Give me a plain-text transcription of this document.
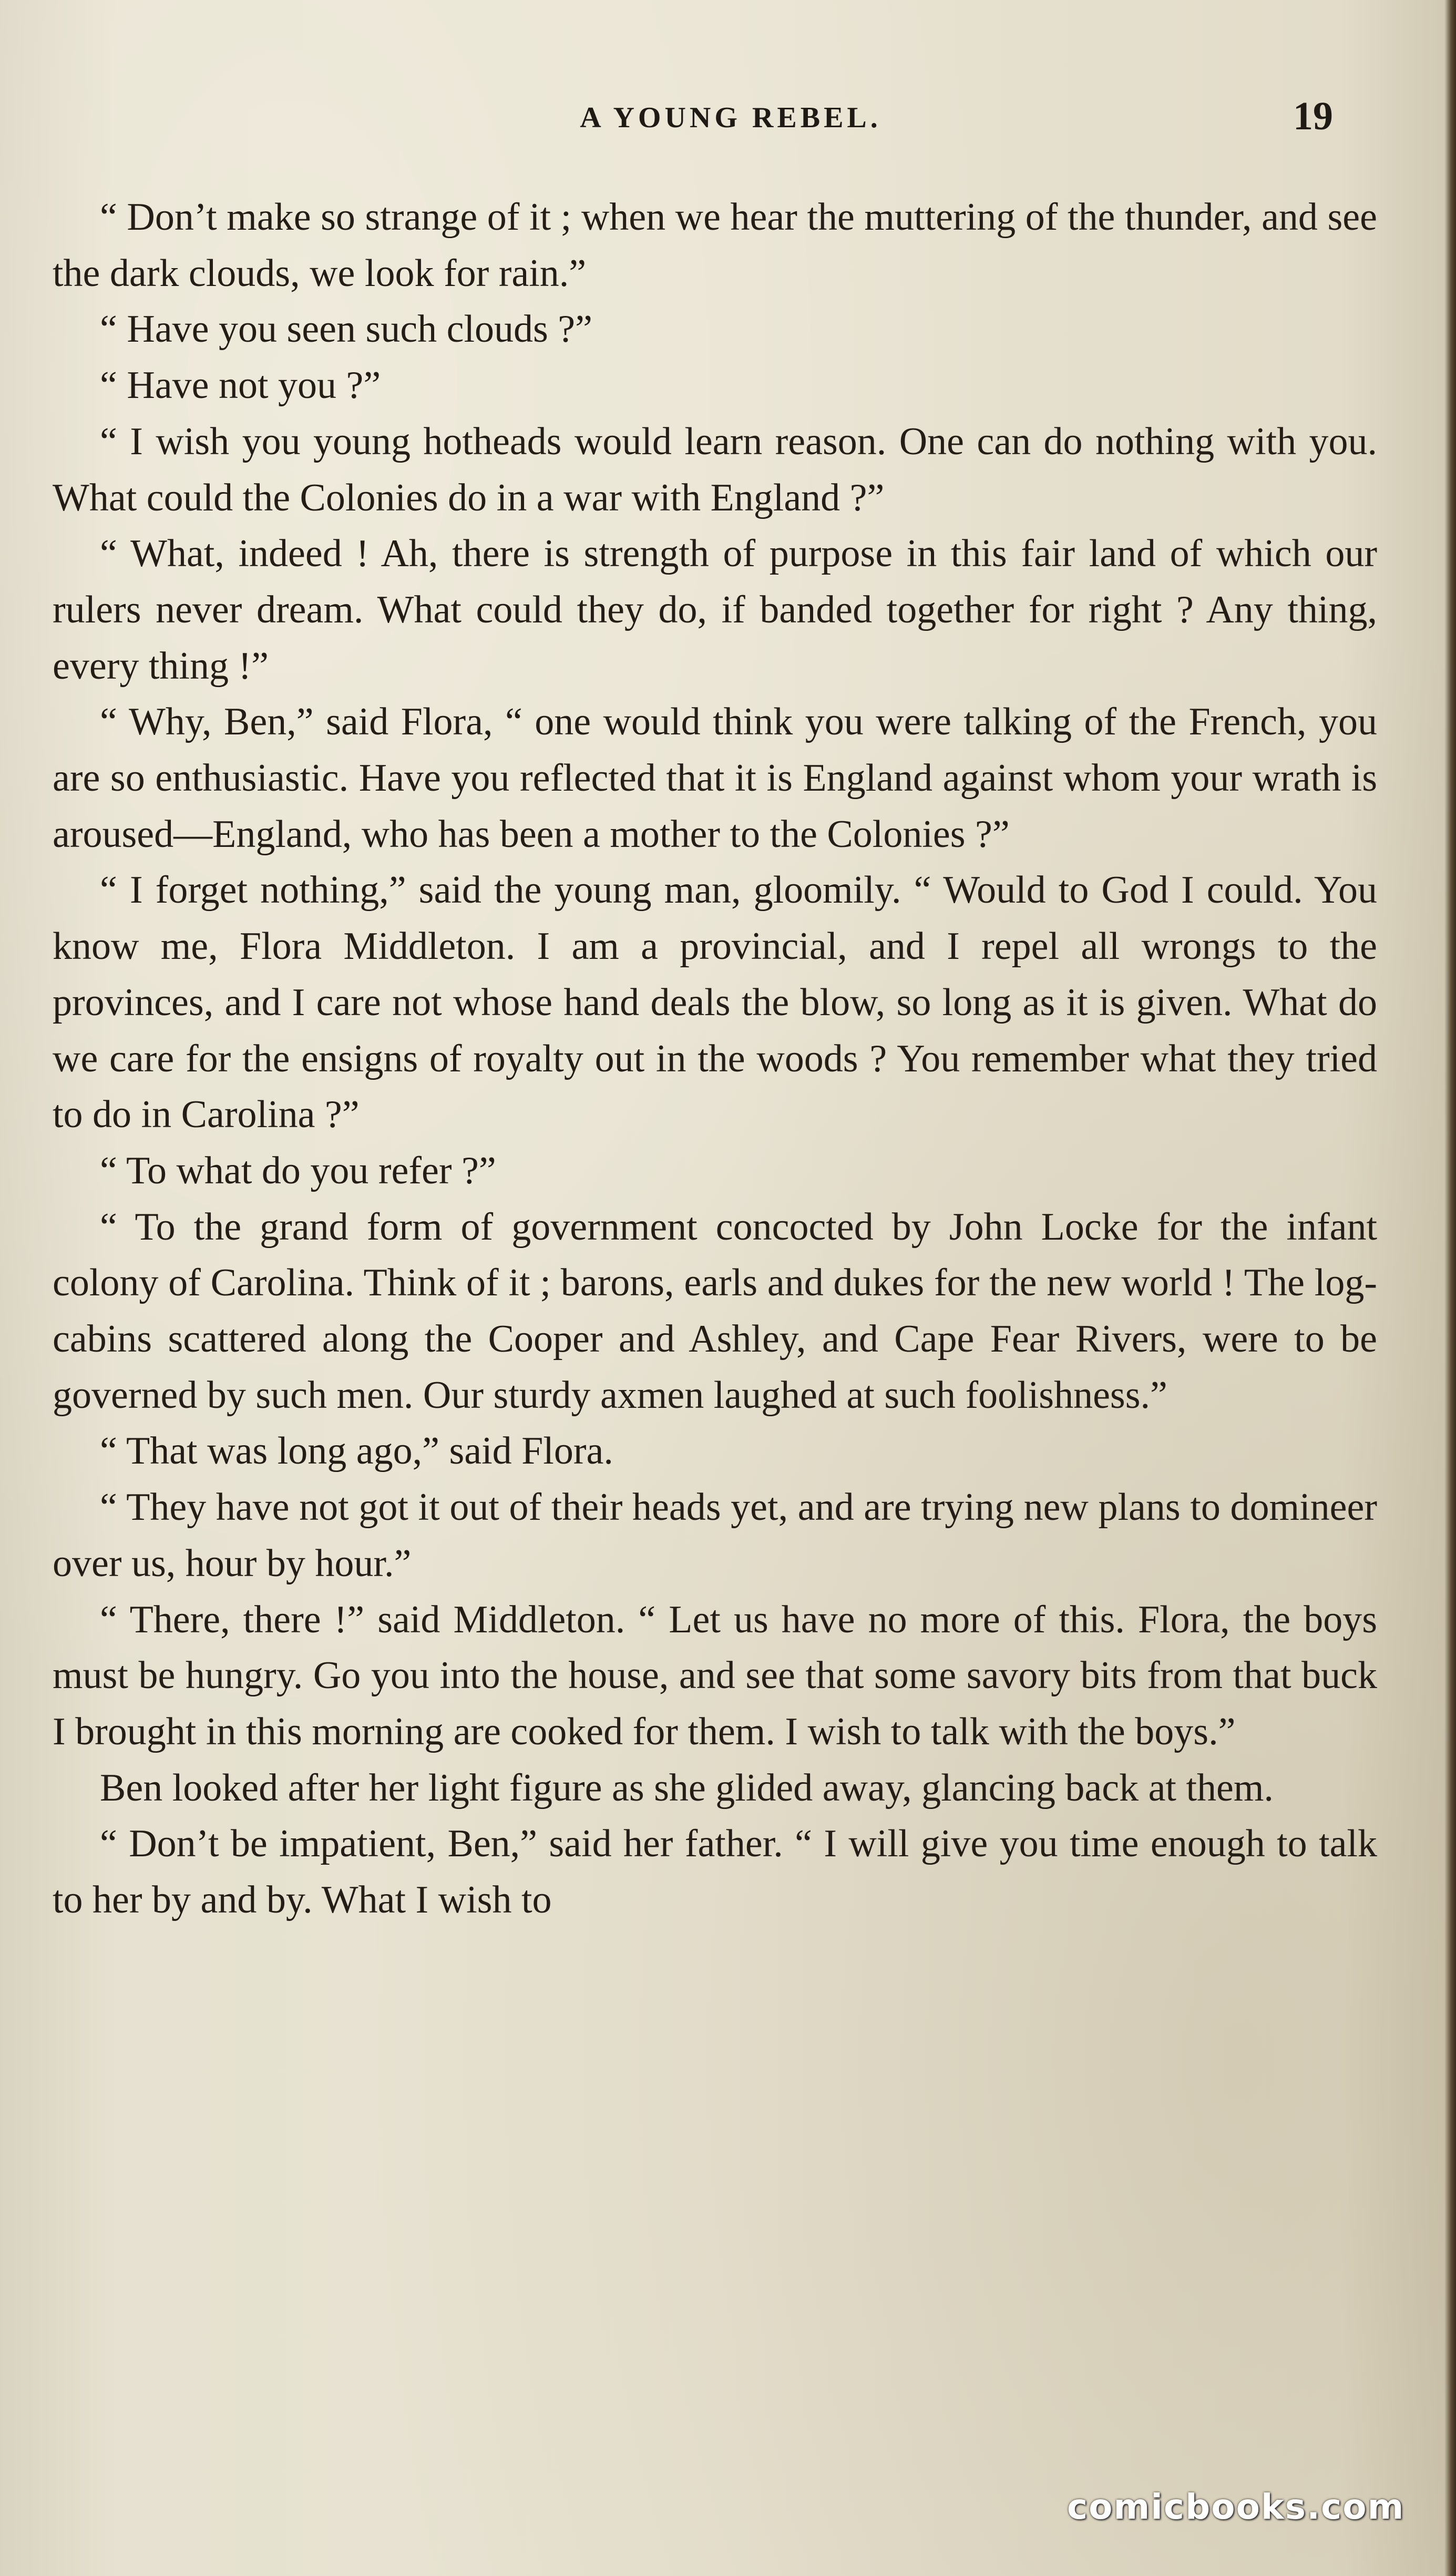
A YOUNG REBEL.	19

“ Don’t make so strange of it ; when we hear the muttering of the thunder, and see the dark clouds, we look for rain.”

“ Have you seen such clouds ?”

“ Have not you ?”

“ I wish you young hotheads would learn reason. One can do nothing with you. What could the Colonies do in a war with England ?”

“ What, indeed ! Ah, there is strength of purpose in this fair land of which our rulers never dream. What could they do, if banded together for right ? Any thing, every thing !”

“ Why, Ben,” said Flora, “ one would think you were talking of the French, you are so enthusiastic. Have you reflected that it is England against whom your wrath is aroused—England, who has been a mother to the Colonies ?”

“ I forget nothing,” said the young man, gloomily. “ Would to God I could. You know me, Flora Middleton. I am a provincial, and I repel all wrongs to the provinces, and I care not whose hand deals the blow, so long as it is given. What do we care for the ensigns of royalty out in the woods ? You remember what they tried to do in Carolina ?”

“ To what do you refer ?”

“ To the grand form of government concocted by John Locke for the infant colony of Carolina. Think of it ; barons, earls and dukes for the new world ! The log-cabins scattered along the Cooper and Ashley, and Cape Fear Rivers, were to be governed by such men. Our sturdy axmen laughed at such foolishness.”

“ That was long ago,” said Flora.

“ They have not got it out of their heads yet, and are trying new plans to domineer over us, hour by hour.”

“ There, there !” said Middleton. “ Let us have no more of this. Flora, the boys must be hungry. Go you into the house, and see that some savory bits from that buck I brought in this morning are cooked for them. I wish to talk with the boys.”

Ben looked after her light figure as she glided away, glancing back at them.

“ Don’t be impatient, Ben,” said her father. “ I will give you time enough to talk to her by and by. What I wish to

comicbooks.com
